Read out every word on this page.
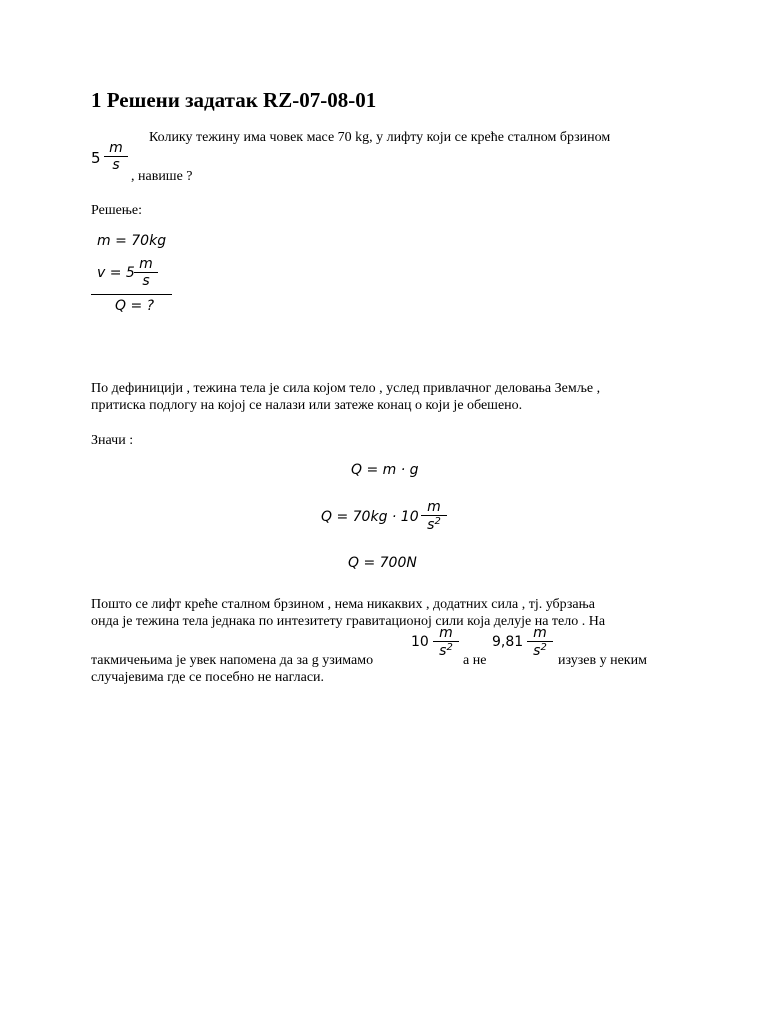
1 Решени задатак RZ-07-08-01
Колику тежину има човек масе 70 kg, у лифту који се креће сталном брзином
$5 \frac{m}{s}$
, навише ?
Решење:
m = 70kg
$v = 5 \frac{m}{s}$
Q = ?
По дефиницији , тежина тела је сила којом тело , услед привлачног деловања Земље ,
притиска подлогу на којој се налази или затеже конац о који је обешено.
Значи :
Q = m · g
$Q = 70kg \cdot 10 \frac{m}{s^2}$
Q = 700N
Пошто се лифт креће сталном брзином , нема никаквих , додатних сила , тј. убрзања
онда је тежина тела једнака по интезитету гравитационој сили која делује на тело . На
такмичењима је увек напомена да за g узимамо
$10 \frac{m}{s^2}$
а не
$9,81 \frac{m}{s^2}$
изузев у неким
случајевима где се посебно не нагласи.
